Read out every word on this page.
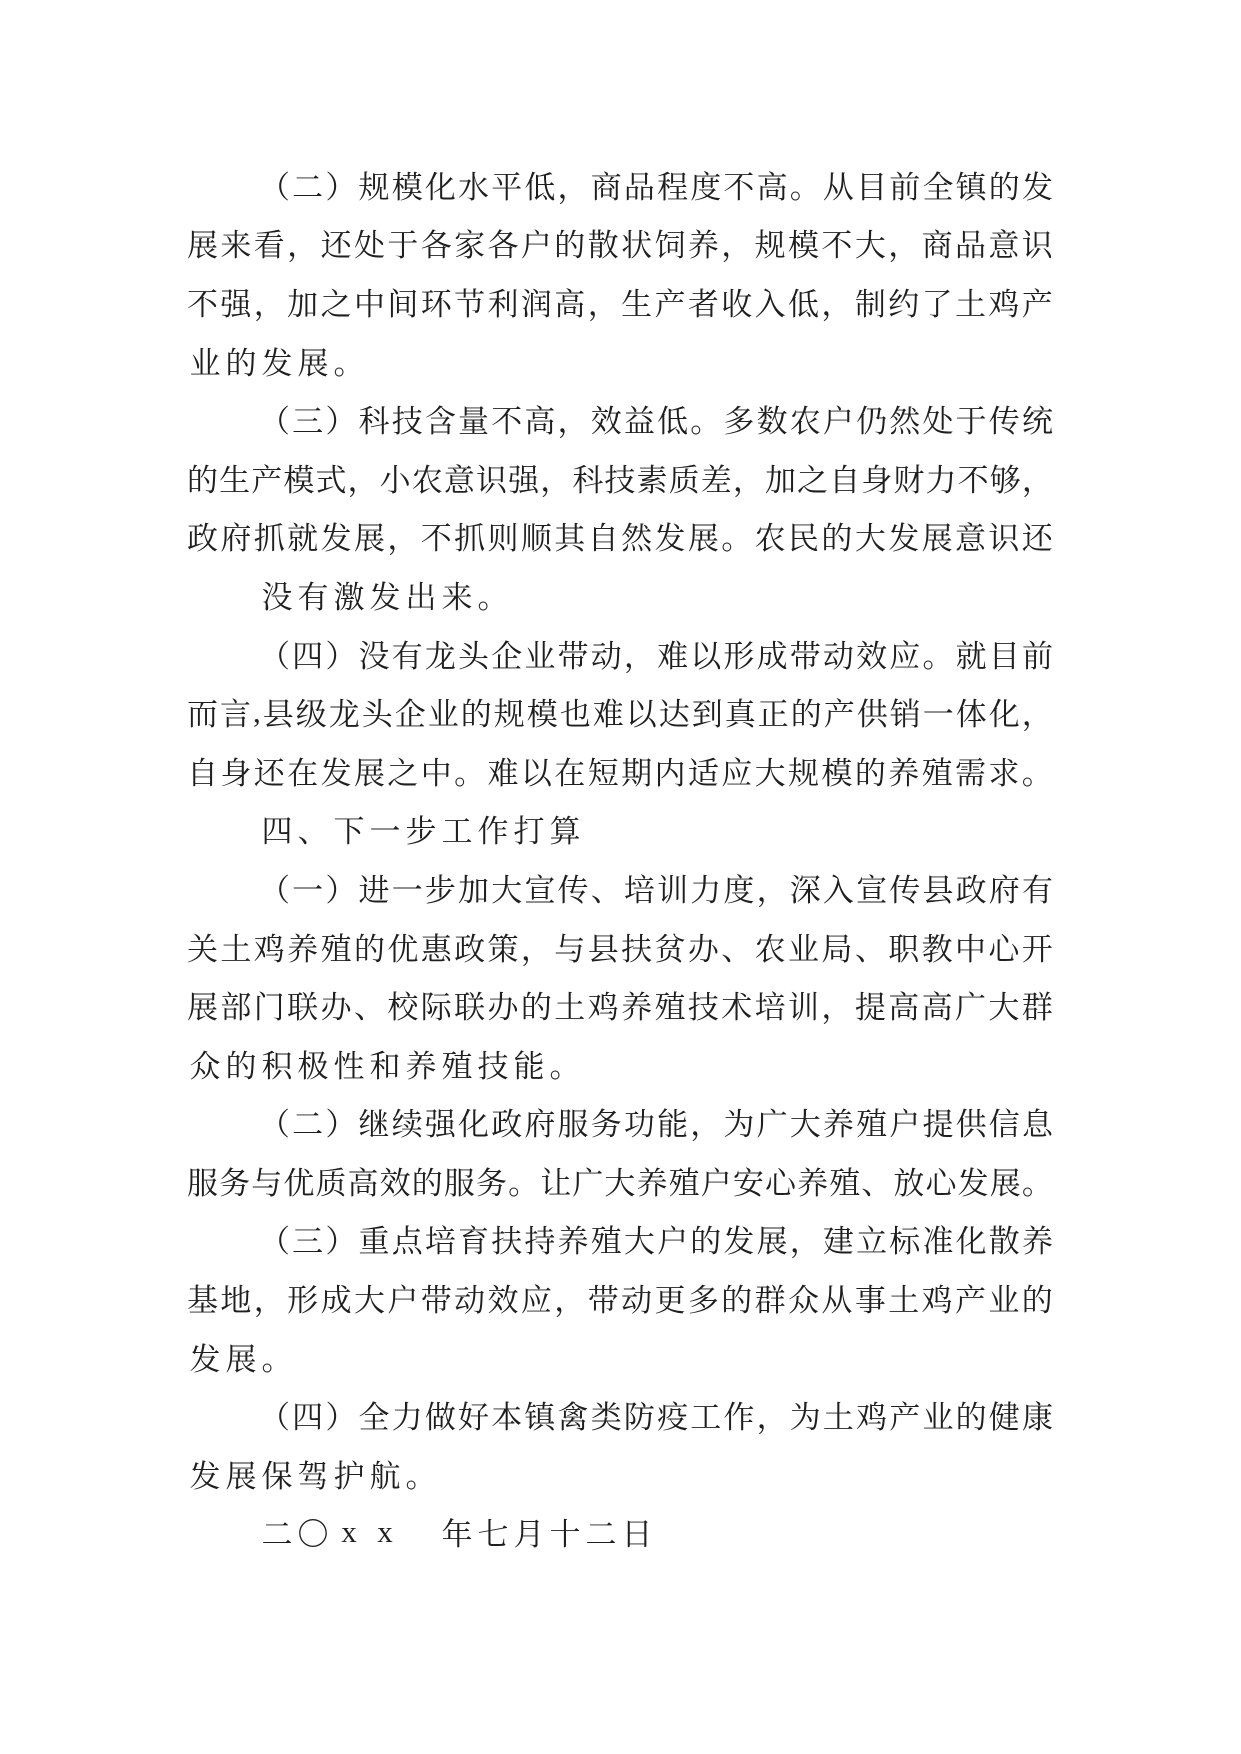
（ 二 ） 规 模 化 水 平 低 ， 商 品 程 度 不 高 。 从 目 前 全 镇 的 发
展 来 看 ， 还 处 于 各 家 各 户 的 散 状 饲 养 ， 规 模 不 大 ， 商 品 意 识
不 强 ， 加 之 中 间 环 节 利 润 高 ， 生 产 者 收 入 低 ， 制 约 了 土 鸡 产
业 的 发 展 。
（ 三 ） 科 技 含 量 不 高 ， 效 益 低 。 多 数 农 户 仍 然 处 于 传 统
的 生 产 模 式 ， 小 农 意 识 强 ， 科 技 素 质 差 ， 加 之 自 身 财 力 不 够 ，
政 府 抓 就 发 展 ， 不 抓 则 顺 其 自 然 发 展 。 农 民 的 大 发 展 意 识 还
没 有 激 发 出 来 。
（ 四 ） 没 有 龙 头 企 业 带 动 ， 难 以 形 成 带 动 效 应 。 就 目 前
而 言 , 县 级 龙 头 企 业 的 规 模 也 难 以 达 到 真 正 的 产 供 销 一 体 化 ，
自 身 还 在 发 展 之 中 。 难 以 在 短 期 内 适 应 大 规 模 的 养 殖 需 求 。
四 、 下 一 步 工 作 打 算
（ 一 ） 进 一 步 加 大 宣 传 、 培 训 力 度 ， 深 入 宣 传 县 政 府 有
关 土 鸡 养 殖 的 优 惠 政 策 ， 与 县 扶 贫 办 、 农 业 局 、 职 教 中 心 开
展 部 门 联 办 、 校 际 联 办 的 土 鸡 养 殖 技 术 培 训 ， 提 高 高 广 大 群
众 的 积 极 性 和 养 殖 技 能 。
（ 二 ） 继 续 强 化 政 府 服 务 功 能 ， 为 广 大 养 殖 户 提 供 信 息
服 务 与 优 质 高 效 的 服 务 。 让 广 大 养 殖 户 安 心 养 殖 、 放 心 发 展 。
（ 三 ） 重 点 培 育 扶 持 养 殖 大 户 的 发 展 ， 建 立 标 准 化 散 养
基 地 ， 形 成 大 户 带 动 效 应 ， 带 动 更 多 的 群 众 从 事 土 鸡 产 业 的
发 展 。
（ 四 ） 全 力 做 好 本 镇 禽 类 防 疫 工 作 ， 为 土 鸡 产 业 的 健 康
发 展 保 驾 护 航 。
二 〇 x x
	年 七 月 十 二 日
